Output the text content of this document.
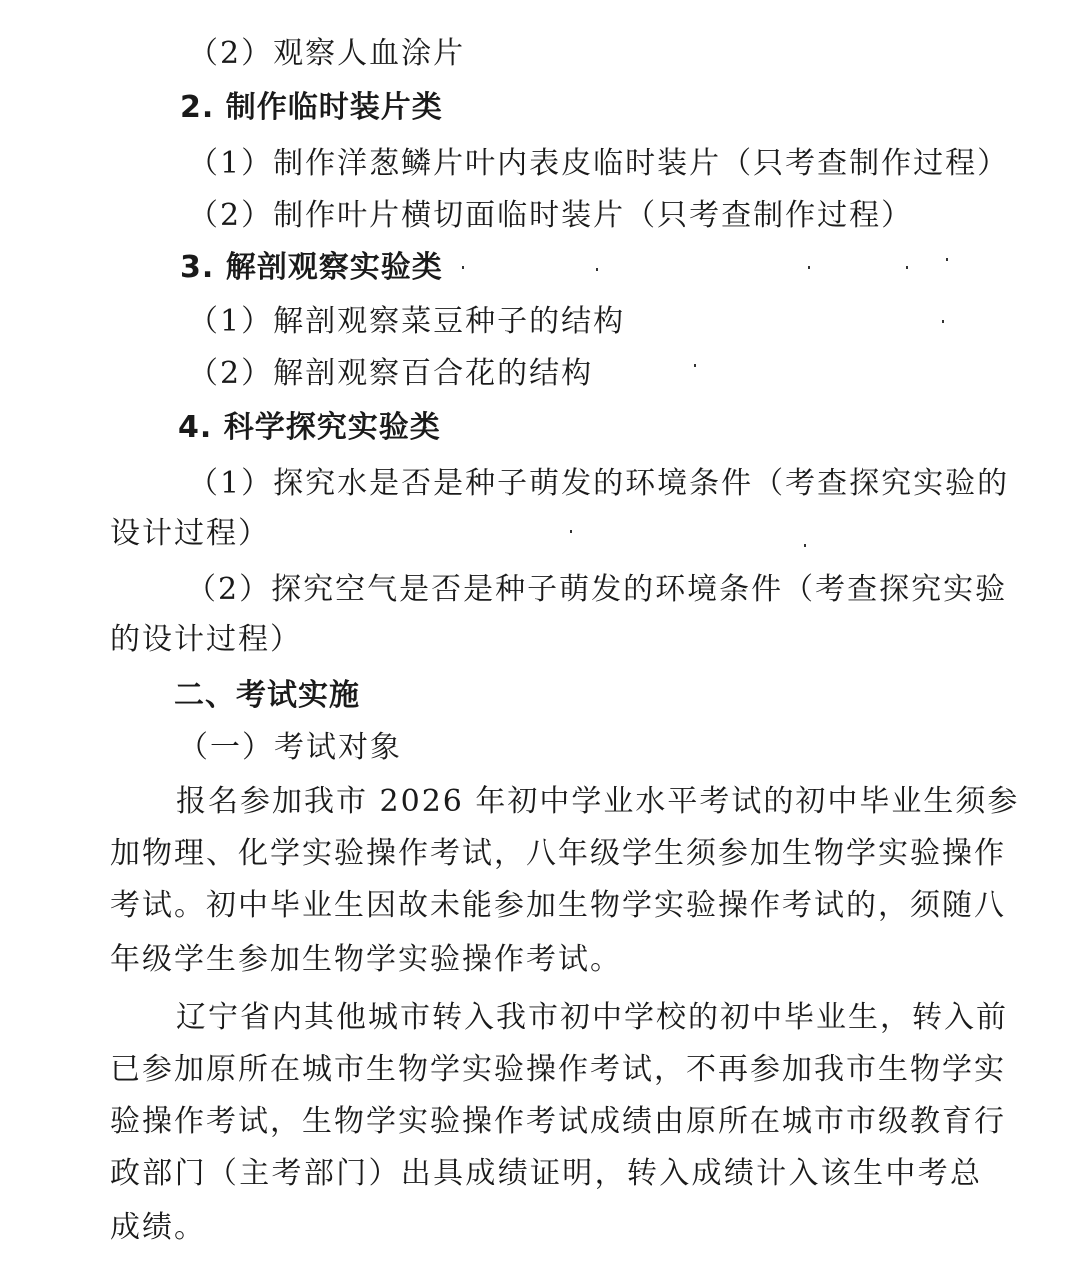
（2）观察人血涂片
2. 制作临时装片类
（1）制作洋葱鳞片叶内表皮临时装片（只考查制作过程）
（2）制作叶片横切面临时装片（只考查制作过程）
3. 解剖观察实验类
（1）解剖观察菜豆种子的结构
（2）解剖观察百合花的结构
4. 科学探究实验类
（1）探究水是否是种子萌发的环境条件（考查探究实验的
设计过程）
（2）探究空气是否是种子萌发的环境条件（考查探究实验
的设计过程）
二、考试实施
（一）考试对象
报名参加我市 2026 年初中学业水平考试的初中毕业生须参
加物理、化学实验操作考试，八年级学生须参加生物学实验操作
考试。初中毕业生因故未能参加生物学实验操作考试的，须随八
年级学生参加生物学实验操作考试。
辽宁省内其他城市转入我市初中学校的初中毕业生，转入前
已参加原所在城市生物学实验操作考试，不再参加我市生物学实
验操作考试，生物学实验操作考试成绩由原所在城市市级教育行
政部门（主考部门）出具成绩证明，转入成绩计入该生中考总
成绩。
